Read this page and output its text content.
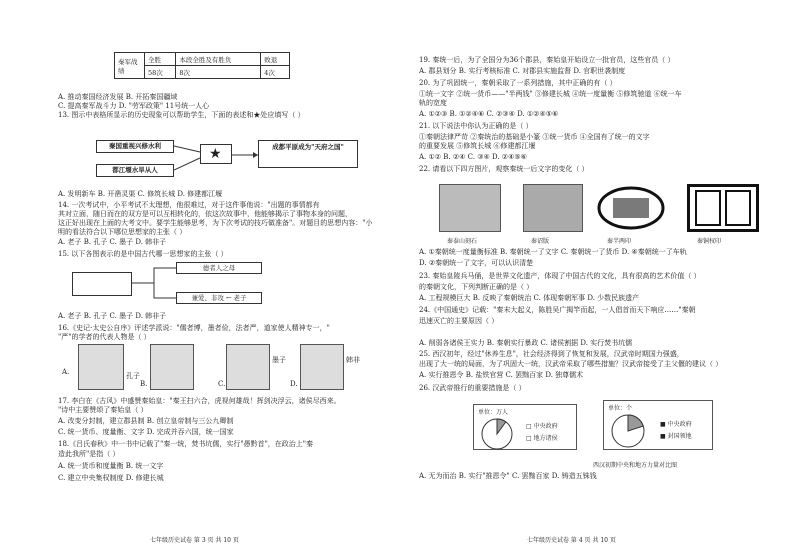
秦军战绩	全胜	本段全胜及有胜负	败退
	58次	8次	4次
A. 推动秦国经济发展 B. 开拓秦国疆域
C. 提高秦军战斗力 D. "劳军政策" 11号统一人心
13. 图示中表格所显示的历史现象可以帮助学生，下面的表述和★处应填写（ ）
秦国重视兴修水利
都江堰水旱从人
成都平原成为"天府之国"
★
A. 发明新车 B. 开凿灵渠 C. 修筑长城 D. 修建都江堰
14. 一次考试中，小平考试不太理想，他很难过，对于这件事他说："出题的事情都有
其对立面，随日而在的双方是可以互相转化的，依这次故事中，他能够揭示了事物本身的问题，
这正好出现在上面的大考文中。要学生能够思考，为下次考试的技巧做准备"。对题目的思想内容："小
明的看法符合以下哪位思想家的主张（ ）
A. 老子 B. 孔子 C. 墨子 D. 韩非子
15. 以下各图表示的是中国古代哪一思想家的主张（ ）
德者人之母
兼爱、非攻 ← 老子
A. 老子 B. 孔子 C. 墨子 D. 韩非子
16.《史记·太史公自序》评述学派说："儒者博，墨者俭，法者严，道家使人精神专一，"
"严"的学者的代表人物是（ ）
A.	孔子
B.	C.
墨子
D.
韩非
17. 李白在《古风》中盛赞秦始皇："秦王扫六合，虎视何雄哉！挥剑决浮云，诸侯尽西来。
"诗中主要赞颂了秦始皇（ ）
A. 改变分封制，建立郡县制 B. 创立皇帝制与三公九卿制
C. 统一货币、度量衡、文字 D. 完成并吞六国，统一国家
18.《吕氏春秋》中一书中记载了"秦一统，焚书坑儒，实行"愚黔首"，在政治上"秦
造此我所"是指（ ）
A. 统一货币和度量衡 B. 统一文字
C. 建立中央集权制度 D. 修建长城
七年级历史试卷 第 3 页 共 10 页
19. 秦统一后，为了全国分为36个郡县，秦始皇开始设立一批官员，这些官员（ ）
A. 郡县划分 B. 实行考核标准 C. 对郡县实施监督 D. 官职世袭制度
20. 为了巩固统一，秦朝采取了一系列措施，其中正确的有（ ）
①统一文字 ②统一货币——"半两钱" ③修建长城 ④统一度量衡 ⑤修筑驰道 ⑥统一车
轨的宽度
A. ①②③ B. ①②④⑥ C. ②③④ D. ①②④⑤⑥
21. 以下说法中你认为正确的是（ ）
①秦朝法律严苛 ②秦统治的基础是小篆 ③统一货币 ④全国有了统一的文字
的重要发展 ⑤修筑长城 ⑥修建都江堰
A. ①② B. ②④ C. ③④ D. ②④⑤⑥
22. 请看以下四方图片，观察秦统一后文字的变化（ ）
秦泰山刻石	秦诏版	秦半两印	秦铜权印
A. ①秦朝统一度量衡标准 B. 秦朝统一了文字 C. 秦朝统一了货币 D. ④秦朝统一了车轨
D. ②秦朝统一了文字，可以认识清楚
23. 秦始皇陵兵马俑，是世界文化遗产，体现了中国古代的文化，具有很高的艺术价值（ ）
的秦朝文化，下列判断正确的是（ ）
A. 工程规模巨大 B. 反映了秦朝统治 C. 体现秦朝军事 D. 少数民族遗产
24.《中国通史》记载："秦末大起义，陈胜吴广揭竿而起，一人倡首而天下响应……"秦朝
迅速灭亡的主要原因（ ）
A. 削弱各诸侯王实力 B. 秦朝实行暴政 C. 诸侯割据 D. 实行焚书坑儒
25. 西汉初年，经过"休养生息"，社会经济得到了恢复和发展，汉武帝时期国力强盛，
出现了大一统的局面，为了巩固大一统，汉武帝采取了哪些措施？汉武帝接受了主父偃的建议（ ）
A. 实行推恩令 B. 盐铁官营 C. 罢黜百家 D. 独尊儒术
26. 汉武帝推行的重要措施是（ ）
单位：万人
□ 中央政府
□ 地方诸侯
单位：个
■ 中央政府
■ 封国领地
西汉初期中央和地方力量对比图
A. 无为而治 B. 实行"推恩令" C. 罢黜百家 D. 铸造五铢钱
七年级历史试卷 第 4 页 共 10 页
